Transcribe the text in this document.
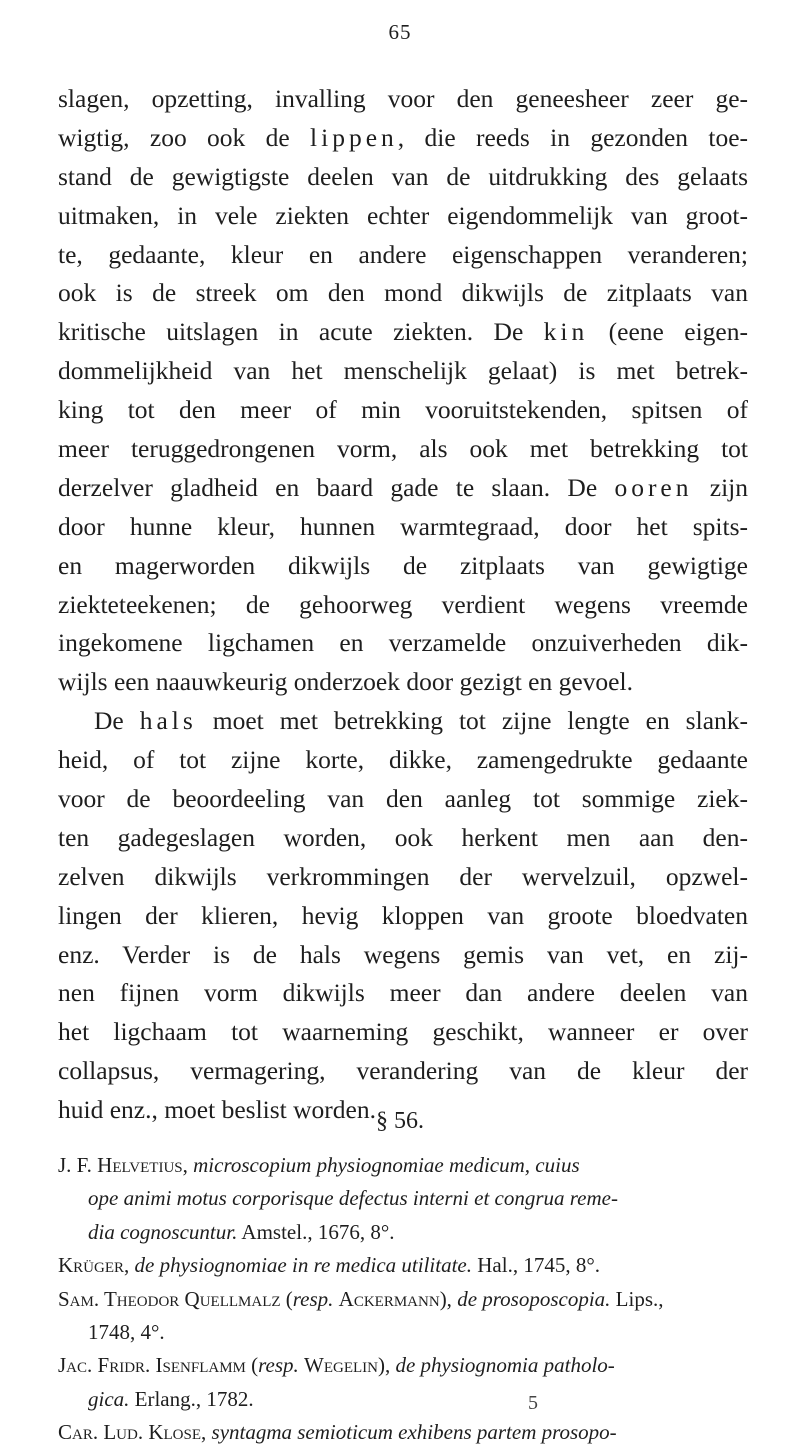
65
slagen, opzetting, invalling voor den geneesheer zeer ge-
wigtig, zoo ook de lippen, die reeds in gezonden toe-
stand de gewigtigste deelen van de uitdrukking des gelaats
uitmaken, in vele ziekten echter eigendommelijk van groot-
te, gedaante, kleur en andere eigenschappen veranderen;
ook is de streek om den mond dikwijls de zitplaats van
kritische uitslagen in acute ziekten. De kin (eene eigen-
dommelijkheid van het menschelijk gelaat) is met betrek-
king tot den meer of min vooruitstekenden, spitsen of
meer teruggedrongenen vorm, als ook met betrekking tot
derzelver gladheid en baard gade te slaan. De ooren zijn
door hunne kleur, hunnen warmtegraad, door het spits-
en magerworden dikwijls de zitplaats van gewigtige
ziekteteekenen; de gehoorweg verdient wegens vreemde
ingekomene ligchamen en verzamelde onzuiverheden dik-
wijls een naauwkeurig onderzoek door gezigt en gevoel.
De hals moet met betrekking tot zijne lengte en slank-
heid, of tot zijne korte, dikke, zamengedrukte gedaante
voor de beoordeeling van den aanleg tot sommige ziek-
ten gadegeslagen worden, ook herkent men aan den-
zelven dikwijls verkrommingen der wervelzuil, opzwel-
lingen der klieren, hevig kloppen van groote bloedvaten
enz. Verder is de hals wegens gemis van vet, en zij-
nen fijnen vorm dikwijls meer dan andere deelen van
het ligchaam tot waarneming geschikt, wanneer er over
collapsus, vermagering, verandering van de kleur der
huid enz., moet beslist worden. § 56.
J. F. Helvetius, microscopium physiognomiae medicum, cuius
ope animi motus corporisque defectus interni et congrua reme-
dia cognoscuntur. Amstel., 1676, 8°.
Krüger, de physiognomiae in re medica utilitate. Hal., 1745, 8°.
Sam. Theodor Quellmalz (resp. Ackermann), de prosoposcopia. Lips.,
1748, 4°.
Jac. Fridr. Isenflamm (resp. Wegelin), de physiognomia patholo-
gica. Erlang., 1782.
Car. Lud. Klose, syntagma semioticum exhibens partem prosopo-
5
